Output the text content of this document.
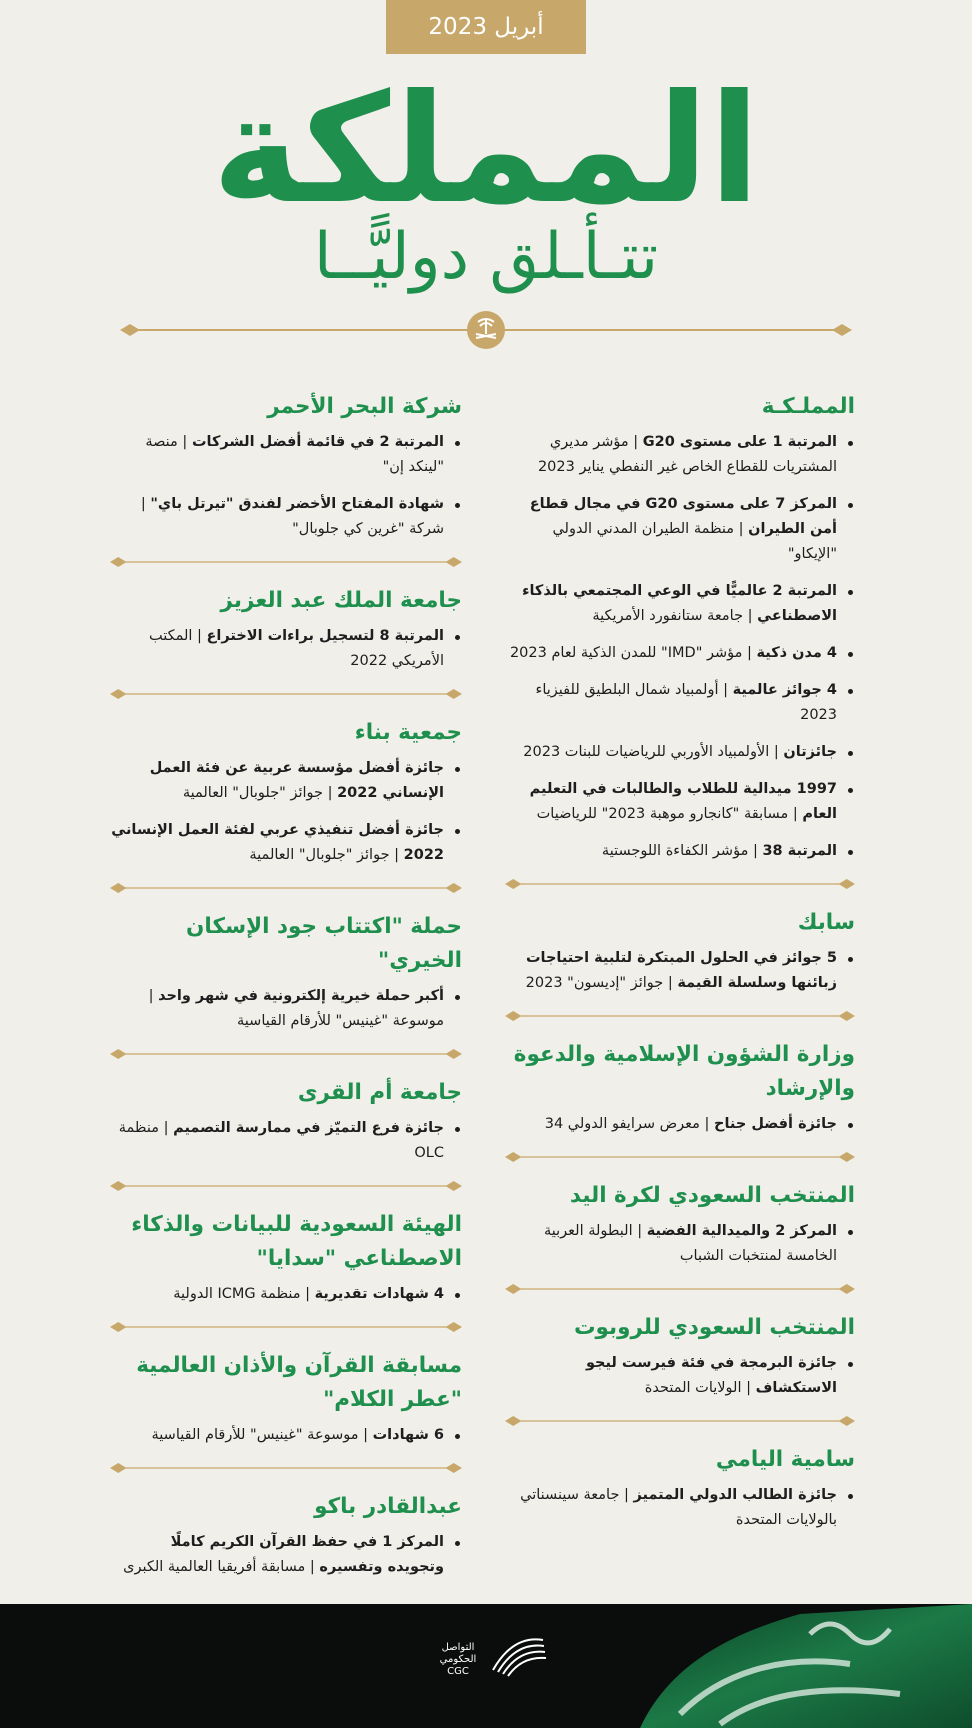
أبريل 2023
المملكة
تتـأـلق دوليًّــا
المملـكـة
المرتبة 1 على مستوى G20 | مؤشر مديري المشتريات للقطاع الخاص غير النفطي يناير 2023
المركز 7 على مستوى G20 في مجال قطاع أمن الطيران | منظمة الطيران المدني الدولي "الإيكاو"
المرتبة 2 عالميًّا في الوعي المجتمعي بالذكاء الاصطناعي | جامعة ستانفورد الأمريكية
4 مدن ذكية | مؤشر "IMD" للمدن الذكية لعام 2023
4 جوائز عالمية | أولمبياد شمال البلطيق للفيزياء 2023
جائزتان | الأولمبياد الأوربي للرياضيات للبنات 2023
1997 ميدالية للطلاب والطالبات في التعليم العام | مسابقة "كانجارو موهبة 2023" للرياضيات
المرتبة 38 | مؤشر الكفاءة اللوجستية
سابك
5 جوائز في الحلول المبتكرة لتلبية احتياجات زبائنها وسلسلة القيمة | جوائز "إديسون" 2023
وزارة الشؤون الإسلامية والدعوة والإرشاد
جائزة أفضل جناح | معرض سرايفو الدولي 34
المنتخب السعودي لكرة اليد
المركز 2 والميدالية الفضية | البطولة العربية الخامسة لمنتخبات الشباب
المنتخب السعودي للروبوت
جائزة البرمجة في فئة فيرست ليجو الاستكشاف | الولايات المتحدة
سامية اليامي
جائزة الطالب الدولي المتميز | جامعة سينسناتي بالولايات المتحدة
شركة البحر الأحمر
المرتبة 2 في قائمة أفضل الشركات | منصة "لينكد إن"
شهادة المفتاح الأخضر لفندق "تيرتل باي" | شركة "غرين كي جلوبال"
جامعة الملك عبد العزيز
المرتبة 8 لتسجيل براءات الاختراع | المكتب الأمريكي 2022
جمعية بناء
جائزة أفضل مؤسسة عربية عن فئة العمل الإنساني 2022 | جوائز "جلوبال" العالمية
جائزة أفضل تنفيذي عربي لفئة العمل الإنساني 2022 | جوائز "جلوبال" العالمية
حملة "اكتتاب جود الإسكان الخيري"
أكبر حملة خيرية إلكترونية في شهر واحد | موسوعة "غينيس" للأرقام القياسية
جامعة أم القرى
جائزة فرع التميّز في ممارسة التصميم | منظمة OLC
الهيئة السعودية للبيانات والذكاء الاصطناعي "سدايا"
4 شهادات تقديرية | منظمة ICMG الدولية
مسابقة القرآن والأذان العالمية "عطر الكلام"
6 شهادات | موسوعة "غينيس" للأرقام القياسية
عبدالقادر باكو
المركز 1 في حفظ القرآن الكريم كاملًا وتجويده وتفسيره | مسابقة أفريقيا العالمية الكبرى
التواصل
الحكومي
CGC
